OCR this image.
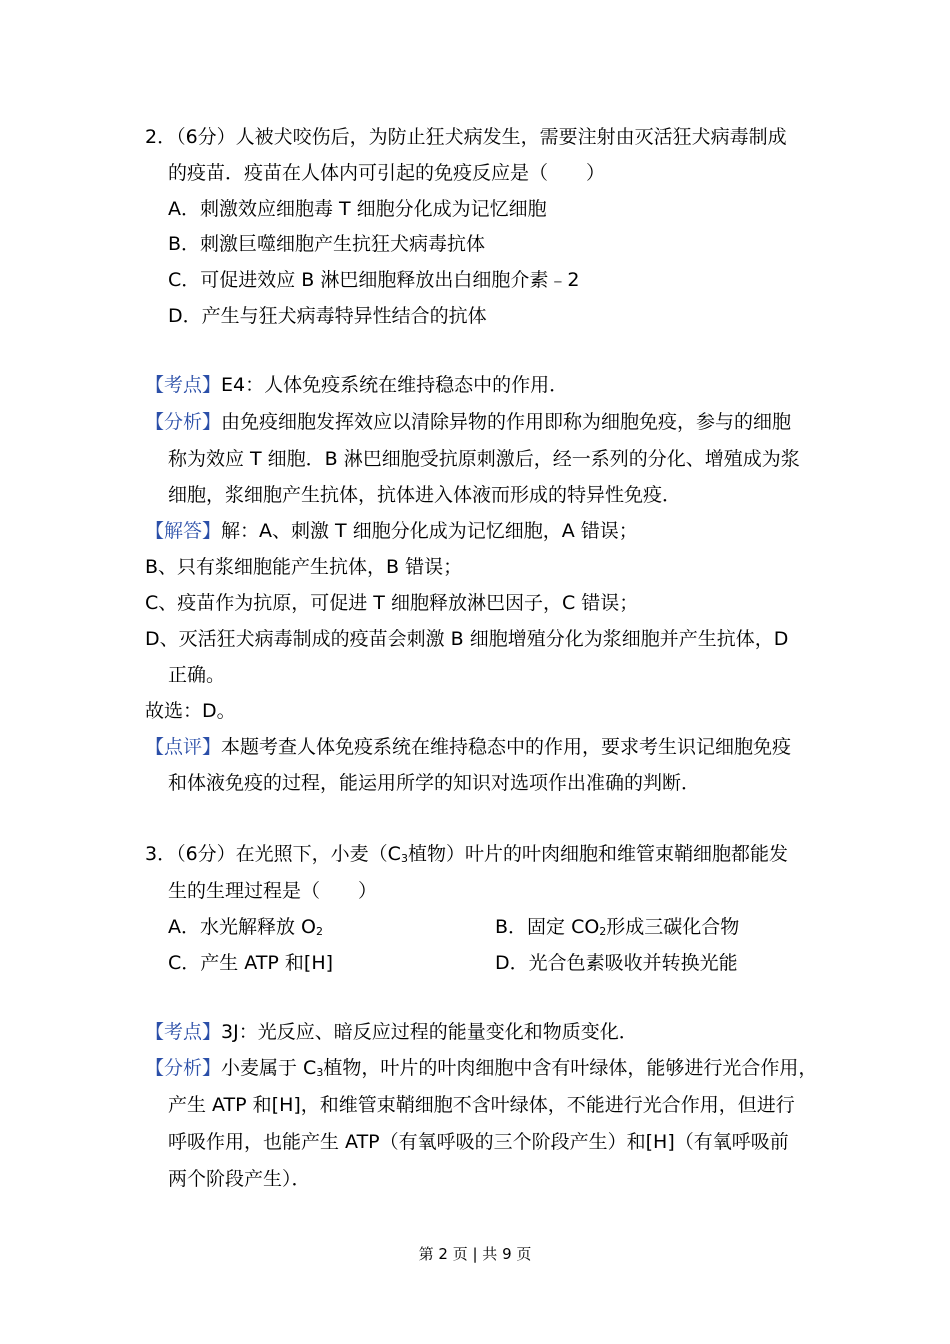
2．（6分）人被犬咬伤后，为防止狂犬病发生，需要注射由灭活狂犬病毒制成
的疫苗．疫苗在人体内可引起的免疫反应是（　　）
A．刺激效应细胞毒 T 细胞分化成为记忆细胞
B．刺激巨噬细胞产生抗狂犬病毒抗体
C．可促进效应 B 淋巴细胞释放出白细胞介素﹣2
D．产生与狂犬病毒特异性结合的抗体
【考点】E4：人体免疫系统在维持稳态中的作用．
【分析】由免疫细胞发挥效应以清除异物的作用即称为细胞免疫，参与的细胞
称为效应 T 细胞．B 淋巴细胞受抗原刺激后，经一系列的分化、增殖成为浆
细胞，浆细胞产生抗体，抗体进入体液而形成的特异性免疫．
【解答】解：A、刺激 T 细胞分化成为记忆细胞，A 错误；
B、只有浆细胞能产生抗体，B 错误；
C、疫苗作为抗原，可促进 T 细胞释放淋巴因子，C 错误；
D、灭活狂犬病毒制成的疫苗会刺激 B 细胞增殖分化为浆细胞并产生抗体，D
正确。
故选：D。
【点评】本题考查人体免疫系统在维持稳态中的作用，要求考生识记细胞免疫
和体液免疫的过程，能运用所学的知识对选项作出准确的判断．
3．（6分）在光照下，小麦（$C_3$植物）叶片的叶肉细胞和维管束鞘细胞都能发
生的生理过程是（　　）
A．水光解释放 $O_2$	B．固定 $CO_2$形成三碳化合物
C．产生 ATP 和[H]	D．光合色素吸收并转换光能
【考点】3J：光反应、暗反应过程的能量变化和物质变化．
【分析】小麦属于 $C_3$植物，叶片的叶肉细胞中含有叶绿体，能够进行光合作用，
产生 ATP 和[H]，和维管束鞘细胞不含叶绿体，不能进行光合作用，但进行
呼吸作用，也能产生 ATP（有氧呼吸的三个阶段产生）和[H]（有氧呼吸前
两个阶段产生）．
第 2 页 | 共 9 页
